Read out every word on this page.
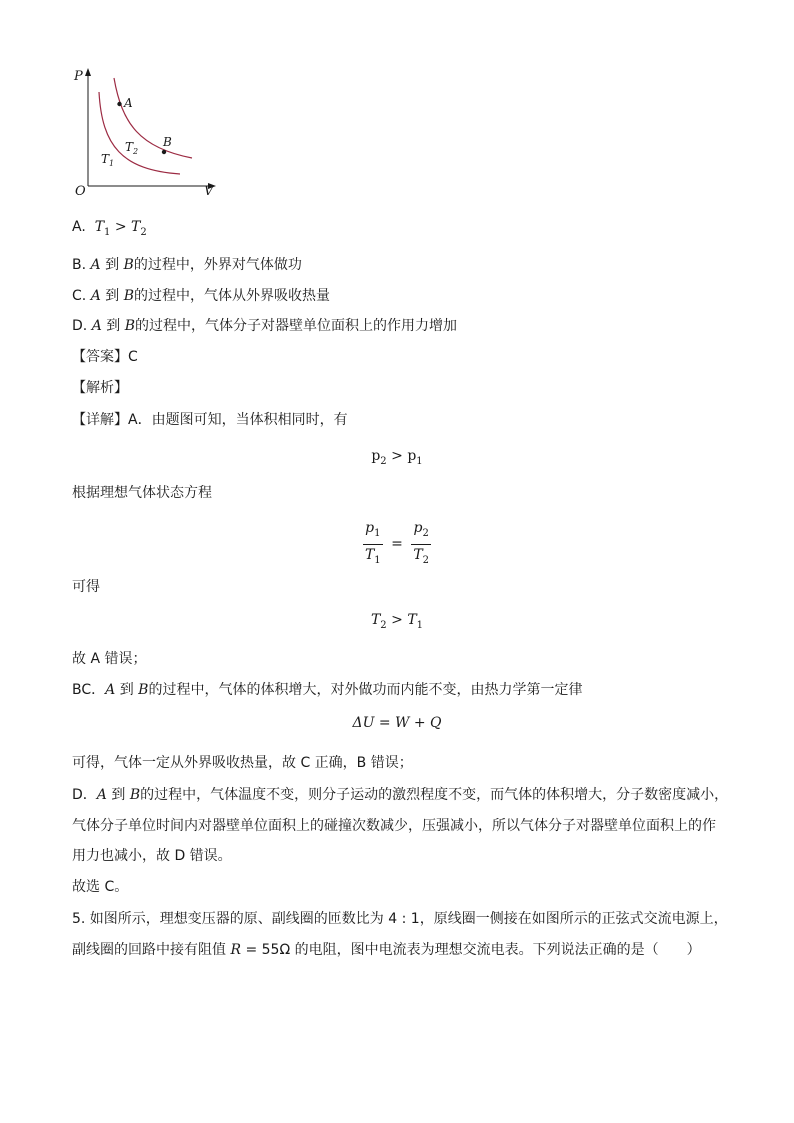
P
V
O
A
B
$T_2$
$T_1$
A. $T_1 > T_2$
B. A 到 B的过程中，外界对气体做功
C. A 到 B的过程中，气体从外界吸收热量
D. A 到 B的过程中，气体分子对器壁单位面积上的作用力增加
【答案】C
【解析】
【详解】A．由题图可知，当体积相同时，有
$p_2 > p_1$
根据理想气体状态方程
$\frac{p_1}{T_1} = \frac{p_2}{T_2}$
可得
$T_2 > T_1$
故 A 错误；
BC．A 到 B的过程中，气体的体积增大，对外做功而内能不变，由热力学第一定律
ΔU = W + Q
可得，气体一定从外界吸收热量，故 C 正确，B 错误；
D．A 到 B的过程中，气体温度不变，则分子运动的激烈程度不变，而气体的体积增大，分子数密度减小，
气体分子单位时间内对器壁单位面积上的碰撞次数减少，压强减小，所以气体分子对器壁单位面积上的作
用力也减小，故 D 错误。
故选 C。
5. 如图所示，理想变压器的原、副线圈的匝数比为 4 : 1，原线圈一侧接在如图所示的正弦式交流电源上，
副线圈的回路中接有阻值 R = 55Ω 的电阻，图中电流表为理想交流电表。下列说法正确的是（　　）
